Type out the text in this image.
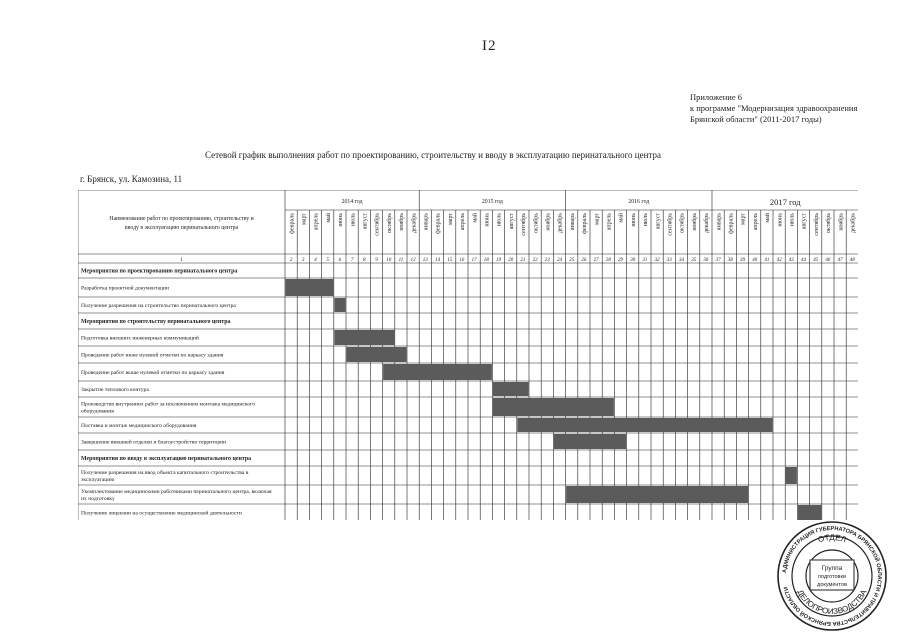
I2
Приложение 6
к программе "Модернизация здравоохранения
Брянской области" (2011-2017 годы)
Сетевой график выполнения работ по проектированию, строительству и вводу в эксплуатацию перинатального центра
г. Брянск, ул. Камозина, 11
Наименование работ по проектированию, строительству и
вводу в эксплуатацию перинатального центра
2014 год
февраль март апрель май июнь июль август сентябрь октябрь ноябрь декабрь
2015 год
январь февраль март апрель май июнь июль август сентябрь октябрь ноябрь декабрь
2016 год
январь февраль март апрель май июнь июль август сентябрь октябрь ноябрь декабрь
2017 год
январь февраль март апрель май июнь июль август сентябрь октябрь ноябрь декабрь
1	2 3 4 5 6 7 8 9 10 11 12 13 14 15 16 17 18 19 20 21 22 23 24 25 26 27 28 29 30 31 32 33 34 35 36 37 38 39 40 41 42 43 44 45 46 47 48
Мероприятия по проектированию перинатального центра
Разработка проектной документации
Получение разрешения на строительство перинатального центра
Мероприятия по строительству перинатального центра
Подготовка внешних инженерных коммуникаций
Проведение работ ниже нулевой отметки по каркасу здания
Проведение работ выше нулевой отметки по каркасу здания
Закрытие теплового контура
Производство внутренних работ за исключением монтажа медицинского
оборудования
Поставка и монтаж медицинского оборудования
Завершение внешней отделки и благоустройство территории
Мероприятия по вводу в эксплуатацию перинатального центра
Получение разрешения на ввод объекта капитального строительства в
эксплуатацию
Укомплектование медицинскими работниками перинатального центра, включая
их подготовку
Получение лицензии на осуществление медицинской деятельности
АДМИНИСТРАЦИЯ ГУБЕРНАТОРА БРЯНСКОЙ ОБЛАСТИ И ПРАВИТЕЛЬСТВА БРЯНСКОЙ ОБЛАСТИ
ОТДЕЛ
ДЕЛОПРОИЗВОДСТВА
Группа
подготовки
документов
